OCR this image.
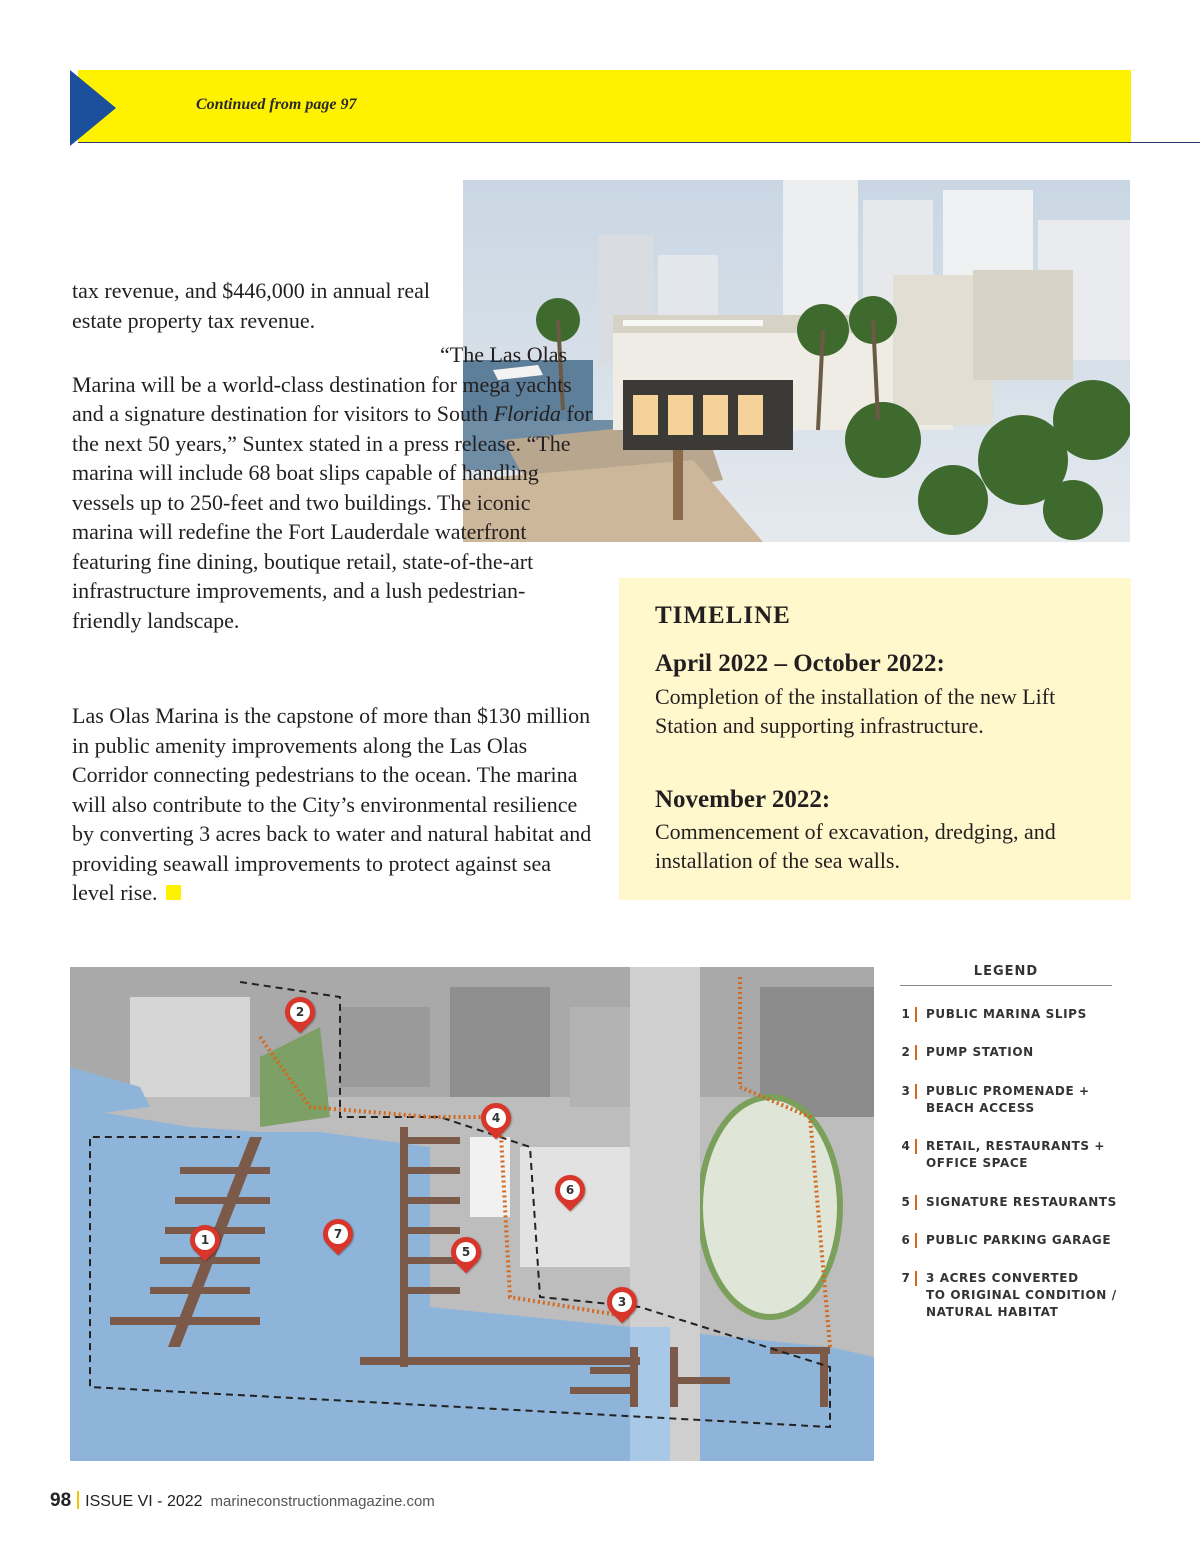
Continued from page 97

tax revenue, and $446,000 in annual real estate property tax revenue.

“The Las Olas Marina will be a world-class destination for mega yachts and a signature destination for visitors to South Florida for the next 50 years,” Suntex stated in a press release. “The marina will include 68 boat slips capable of handling vessels up to 250-feet and two buildings. The iconic marina will redefine the Fort Lauderdale waterfront featuring fine dining, boutique retail, state-of-the-art infrastructure improvements, and a lush pedestrian-friendly landscape.

Las Olas Marina is the capstone of more than $130 million in public amenity improvements along the Las Olas Corridor connecting pedestrians to the ocean. The marina will also contribute to the City’s environmental resilience by converting 3 acres back to water and natural habitat and providing seawall improvements to protect against sea level rise.

TIMELINE
April 2022 – October 2022:
Completion of the installation of the new Lift Station and supporting infrastructure.
November 2022:
Commencement of excavation, dredging, and installation of the sea walls.
1
2
3
4
5
6
7
LEGEND
1 PUBLIC MARINA SLIPS
2 PUMP STATION
3 PUBLIC PROMENADE +
BEACH ACCESS
4 RETAIL, RESTAURANTS +
OFFICE SPACE
5 SIGNATURE RESTAURANTS
6 PUBLIC PARKING GARAGE
7 3 ACRES CONVERTED
TO ORIGINAL CONDITION /
NATURAL HABITAT
98 ISSUE VI - 2022 marineconstructionmagazine.com
